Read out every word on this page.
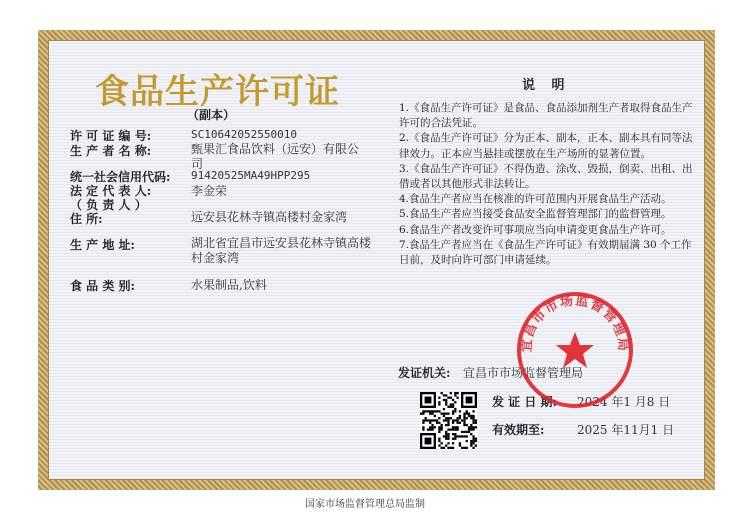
食品生产许可证
（副本）
许 可 证 编 号:	SC10642052550010
生 产 者 名 称:	甄果汇食品饮料（远安）有限公司
统一社会信用代码: 91420525MA49HPP295
法 定 代 表 人:	李金荣
（ 负 责 人 ）
住 所:	远安县花林寺镇高楼村金家湾
生 产 地 址:	湖北省宜昌市远安县花林寺镇高楼村金家湾
食 品 类 别:	水果制品,饮料
说 明
1.《食品生产许可证》是食品、食品添加剂生产者取得食品生产许可的合法凭证。
2.《食品生产许可证》分为正本、副本，正本、副本具有同等法律效力。正本应当悬挂或摆放在生产场所的显著位置。
3.《食品生产许可证》不得伪造、涂改、毁损，倒卖、出租、出借或者以其他形式非法转让。
4.食品生产者应当在核准的许可范围内开展食品生产活动。
5.食品生产者应当接受食品安全监督管理部门的监督管理。
6.食品生产者改变许可事项应当向申请变更食品生产许可。
7.食品生产者应当在《食品生产许可证》有效期届满 30 个工作日前，及时向许可部门申请延续。
发证机关: 宜昌市市场监督管理局
发 证 日 期: 2024 年1 月8 日
有效期至:	2025 年11月1 日
宜昌市市场监督管理局
国家市场监督管理总局监制
